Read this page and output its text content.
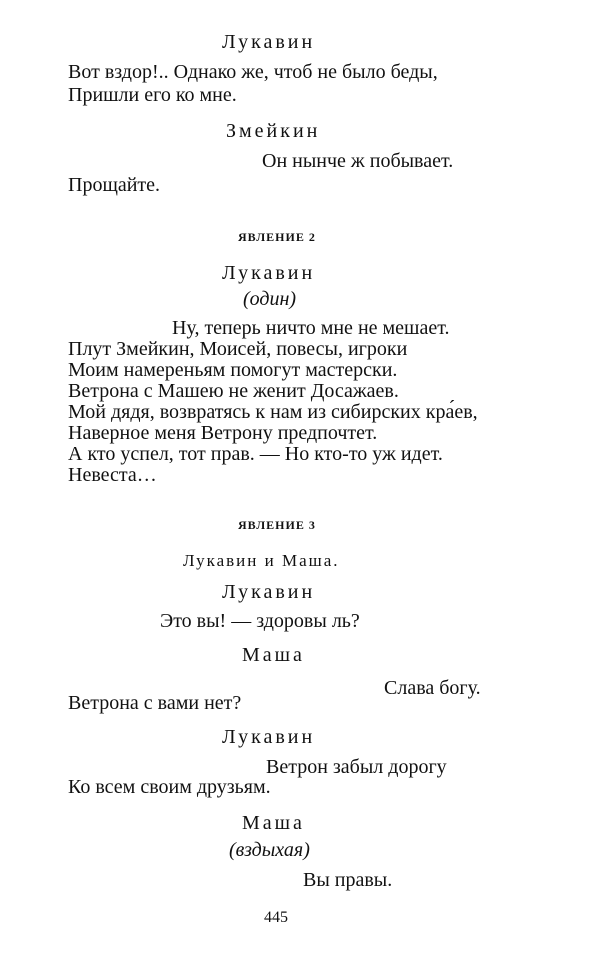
Лукавин

Вот вздор!.. Однако же, чтоб не было беды,

Пришли его ко мне.

Змейкин

Он нынче ж побывает.

Прощайте.

ЯВЛЕНИЕ 2

Лукавин

(один)

Ну, теперь ничто мне не мешает.

Плут Змейкин, Моисей, повесы, игроки

Моим намереньям помогут мастерски.

Ветрона с Машею не женит Досажаев.

Мой дядя, возвратясь к нам из сибирских кра́ев,

Наверное меня Ветрону предпочтет.

А кто успел, тот прав. — Но кто-то уж идет.

Невеста…

ЯВЛЕНИЕ 3

Лукавин и Маша.

Лукавин

Это вы! — здоровы ль?

Маша

Слава богу.

Ветрона с вами нет?

Лукавин

Ветрон забыл дорогу

Ко всем своим друзьям.

Маша

(вздыхая)

Вы правы.

445
